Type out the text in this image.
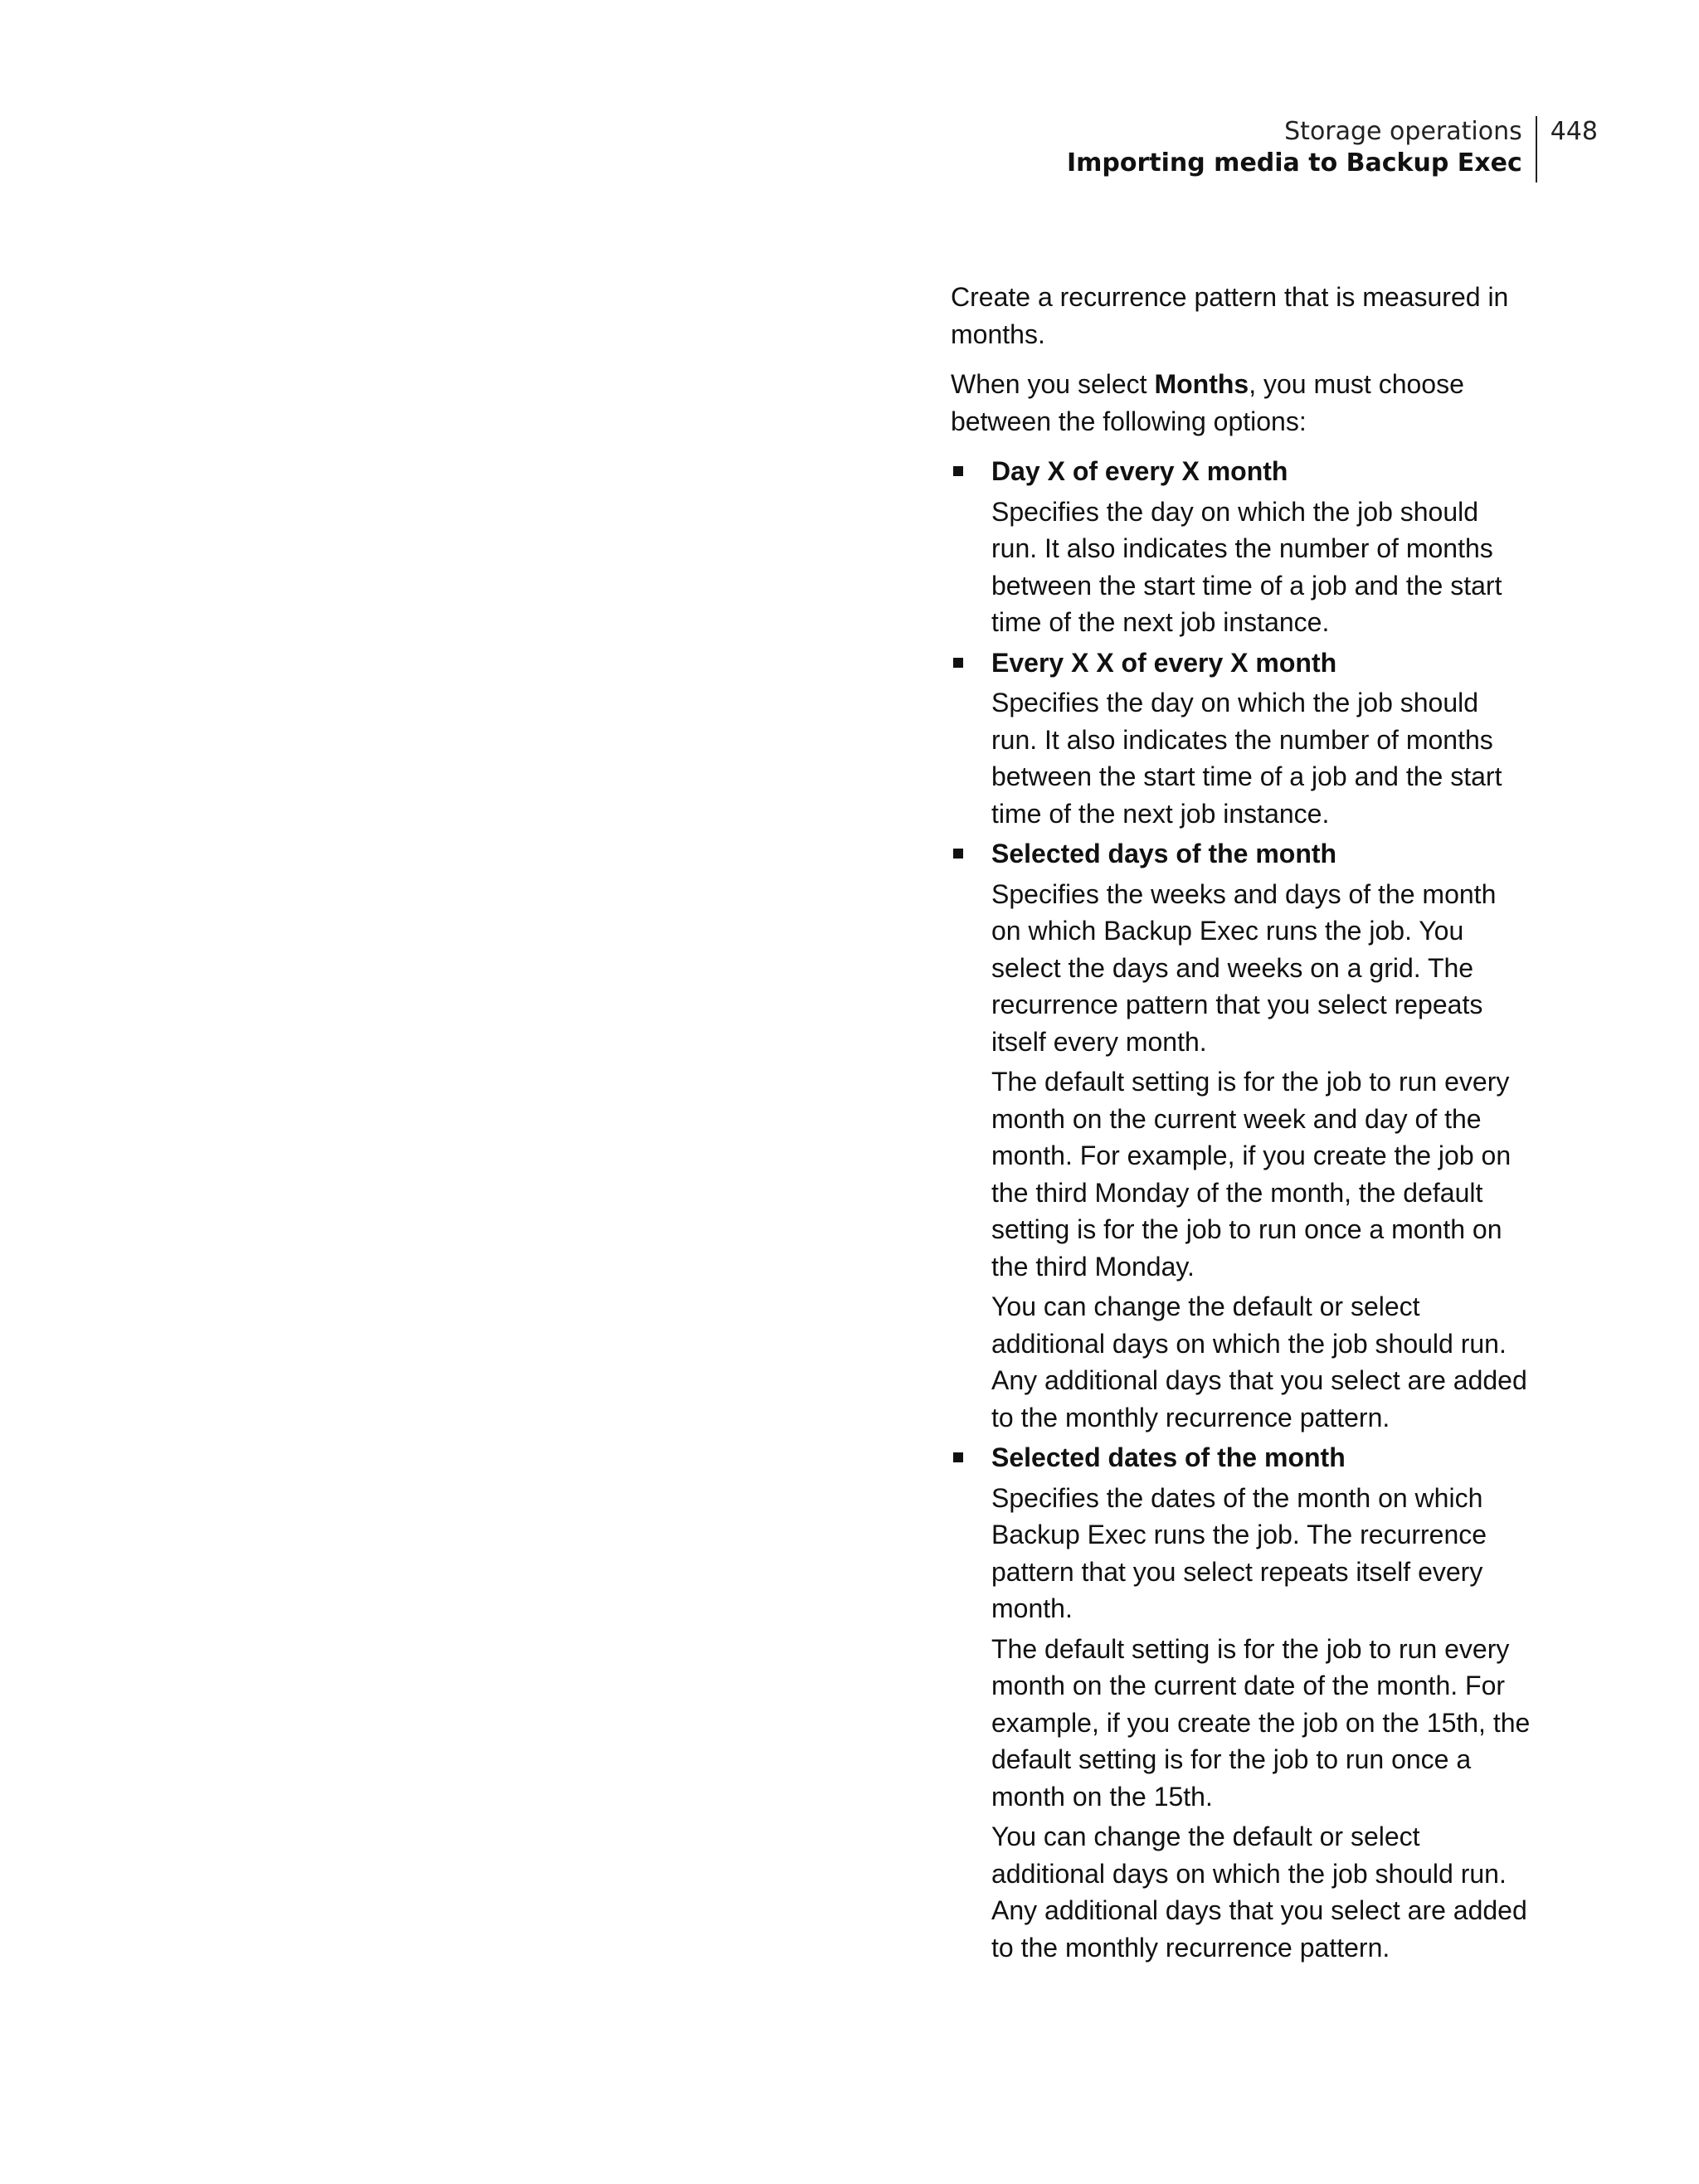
Storage operations
Importing media to Backup Exec
448

Create a recurrence pattern that is measured in months.

When you select Months, you must choose between the following options:

Day X of every X month

Specifies the day on which the job should run. It also indicates the number of months between the start time of a job and the start time of the next job instance.

Every X X of every X month

Specifies the day on which the job should run. It also indicates the number of months between the start time of a job and the start time of the next job instance.

Selected days of the month

Specifies the weeks and days of the month on which Backup Exec runs the job. You select the days and weeks on a grid. The recurrence pattern that you select repeats itself every month.

The default setting is for the job to run every month on the current week and day of the month. For example, if you create the job on the third Monday of the month, the default setting is for the job to run once a month on the third Monday.

You can change the default or select additional days on which the job should run. Any additional days that you select are added to the monthly recurrence pattern.

Selected dates of the month

Specifies the dates of the month on which Backup Exec runs the job. The recurrence pattern that you select repeats itself every month.

The default setting is for the job to run every month on the current date of the month. For example, if you create the job on the 15th, the default setting is for the job to run once a month on the 15th.

You can change the default or select additional days on which the job should run. Any additional days that you select are added to the monthly recurrence pattern.
